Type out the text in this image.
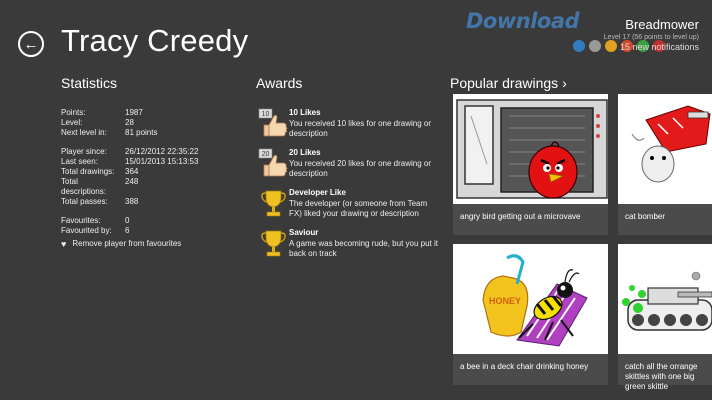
← Tracy Creedy
Download	Breadmower
Level 17 (56 points to level up)
15 new notifications
Statistics
Points:	1987
Level:	28
Next level in:	81 points
Player since:	26/12/2012 22:35:22
Last seen:	15/01/2013 15:13:53
Total drawings:	364
Total descriptions:
248
Total passes:	388
Favourites:	0
Favourited by:	6
♥ Remove player from favourites
Awards
10 10 Likes
You received 10 likes for one drawing or description
20 20 Likes
You received 20 likes for one drawing or description
Developer Like
The developer (or someone from Team FX) liked your drawing or description
Saviour
A game was becoming rude, but you put it back on track
Popular drawings ›
angry bird getting out a microvave	cat bomber
HONEY
a bee in a deck chair drinking honey	catch all the orrange skittles with one big green skittle
